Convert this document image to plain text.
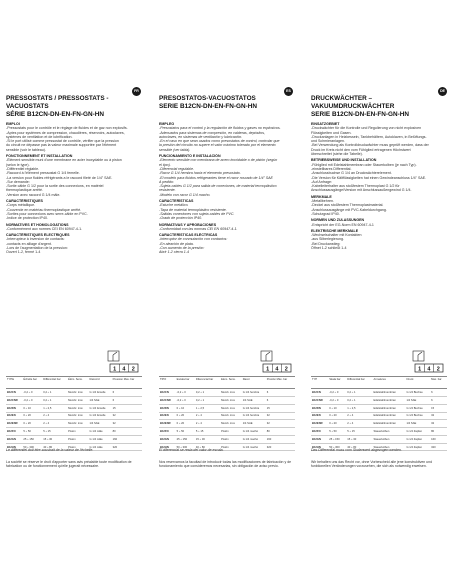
FR
PRESSOSTATS / PRESSOSTATS - VACUOSTATS
SÉRIE B12CN-DN-EN-FN-GN-HN
EMPLOI
-Pressostats pour le contrôle et le réglage de fluides et de gaz non explosifs.
-Aptes pour systèmes de compression, chaudières, réservoirs, autoclaves,
systèmes de ventilation et de lubrification.
-Si le port utilisé comme pressostat de contrôle, vérifier que la pression
du circuit ne dépasse pas la valeur maximale supportée par l'élément
sensible (voir le tableau).
FONCTIONNEMENT ET INSTALLATION
-Élément sensible muni d'une membrane en acier inoxydable ou à piston
(selon le type).
-Différentiel réglable.
-Raccord à l'élément pressostat G 1/4 femelle.
-La version pour fluides réfrigérants a le raccord fileté de 1/4" SAE.
-Sur demande:
-Sortie câble G 1/2 pour la sortie des connexions, en matériel
thermoplastique arrêté.
-Version avec raccord G 1/4 mâle.
CARACTÉRISTIQUES
-Corps métallique.
-Couvercle en matériau thermoplastique arrêté.
-Sorties pour connexions avec serre-câble en PVC.
-Indice de protection IP40.
NORMATIVES ET HOMOLOGATIONS
-Conformément aux normes CEI EN 60947-4-1.
CARACTÉRISTIQUES ÉLECTRIQUES
-Interrupteur à inversion de contacts:
-contacts en alliage d'argent.
-Lors de l'augmentation de la pression:
Ouvert 1-2, fermé 1-4
1 4 2
TYPE	Échelle bar	Différentiel bar	Élém. Sens.	Raccord	Pression Max. bar
B12CN	-0,2 ÷ 0	0,2 ÷ 1	Membr. inox	G 1/4 femelle	6
B12CNR	-0,2 ÷ 0	0,2 ÷ 1	Membr. inox	1/4 SAE	6
B12DN	0 ÷ 10	1 ÷ 2,5	Membr. inox	G 1/4 femelle	15
B12EN	0 ÷ 20	2 ÷ 4	Membr. inox	G 1/4 femelle	32
B12ENR	0 ÷ 20	2 ÷ 4	Membr. inox	1/4 SAE	32
B12FN	5 ÷ 50	5 ÷ 15	Piston	G 1/4 mâle	80
B12GN	25 ÷ 150	15 ÷ 30	Piston	G 1/4 mâle	160
B12HN	50 ÷ 300	40 ÷ 80	Piston	G 1/4 mâle	320
Le différentiel doit être soustrait de la valeur de l'échelle.
La société se réserve le droit d'apporter sans avis préalable toute modification de fabrication ou de fonctionnement qu'elle jugerait nécessaire.
ES
PRESOSTATOS-VACUOSTATOS
SERIE B12CN-DN-EN-FN-GN-HN
EMPLEO
-Presostatos para el control y la regulación de fluidos y gases no explosivos.
-Adecuados para sistemas de compresión, en calderas, depósitos,
autoclaves, en sistemas de ventilación y lubricación.
-En el caso en que sean usados como presostatos de control, controlar que
la presión del circuito no supere el valor máximo tolerado por el elemento
sensible (ver tabla).
FUNCIONAMIENTO E INSTALACIÓN
-Elemento sensible con membrana de acero inoxidable o de pistón (según
el tipo).
-Diferencial regulable.
-Racor G 1/4 hembra hacia el elemento presostato.
-El modelo para fluidos refrigerantes tiene el racor roscado de 1/4" SAE
A pedido:
-Sujeta-cables G 1/2 para salida de conexiones, de material termoplástico
resistente.
-Modelo con racor G 1/4 macho.
CARACTERÍSTICAS
-Estuche metálico.
-Tapa de material termoplástico resistente.
-Salidas conexiones con sujeta-cables de PVC.
-Grado de protección IP40.
NORMATIVAS Y APROBACIONES
-Conformidad con las normas CEI EN 60947-4-1.
CARACTERÍSTICAS ELÉCTRICAS
-Interruptor de conmutación con contactos:
-En aleación de plata.
-Con aumento de la presión:
Abrir 1-2 cierra 1-4
1 4 2
TIPO	Escala bar	Diferencial bar	Elem. Sens.	Racor	Presión Máx. bar
B12CN	-0,2 ÷ 0	0,2 ÷ 1	Memb. inox	G 1/4 hembra	6
B12CNR	-0,2 ÷ 0	0,2 ÷ 1	Memb. inox	1/4 SAE	6
B12DN	0 ÷ 10	1 ÷ 2,5	Memb. inox	G 1/4 hembra	15
B12EN	0 ÷ 20	2 ÷ 4	Memb. inox	G 1/4 hembra	32
B12ENR	0 ÷ 20	2 ÷ 4	Memb. inox	1/4 SAE	32
B12FN	5 ÷ 50	5 ÷ 15	Pistón	G 1/4 macho	80
B12GN	25 ÷ 150	15 ÷ 30	Pistón	G 1/4 macho	160
B12HN	50 ÷ 300	40 ÷ 80	Pistón	G 1/4 macho	320
El diferencial se resta del valor de escala.
Nos reservamos la facultad de introducir todas las modificaciones de fabricación y de funcionamiento que consideremos necesarias, sin obligación de aviso previo.
DE
DRUCKWÄCHTER – VAKUUMDRUCKWÄCHTER
SERIE B12CN-DN-EN-FN-GN-HN
EINSATZGEBIET
-Druckwächter für die Kontrolle und Regulierung von nicht explosiven
Flüssigkeiten und Gasen.
-Druckanlagen in Heizkesseln, Tankbehältern, Autoklaven, in Belüftungs-
und Schmieranlagen.
-Bei Verwendung als Kontrolldruckwächter muss geprüft werden, dass der
Druck im Kreis nicht den vom Fühlglied ertragenen Höchstwert
überschreitet (siehe die Tabelle).
BETRIEBSWEISE UND INSTALLATION
-Fühlglied mit Edelstahlmembran oder Stauerkolben (je nach Typ).
-einstellbares Differential.
-Anschlussbuchse G 1/4 an Druckwächterelement.
-Die Version für Kältflüssigkeiten hat einen Gewindeanschluss 1/4" SAE.
-Auf Anfrage:
-Kabelleiterhalter aus stoßfestem Thermoplast G 1/2 für
Anschlussausgänge/Version mit Anschlussaußengewind G 1/4.
MERKMALE
-Metallbehren.
-Deckel aus stoßfestem Thermoplastmaterial.
-Anschlussausgänge mit PVC-Kabeldurchgang.
-Schutzgrad IP40.
NORMEN UND ZULASSUNGEN
-Entspricht der EG-Norm EN 60947-4-1
ELEKTRISCHE MERKMALE
-Wechselschalter mit Kontakten
-aus Silberlegierung.
-Bei Druckanstieg:
Öffnet 1-2 schließt 1-4
1 4 2
TYP	Skala bar	Differential bar	Armatures	Druck	Max. bar
B12CN	-0,2 ÷ 0	0,2 ÷ 1	Edelstahlmembran	G 1/4 Buchse	6
B12CNR	-0,2 ÷ 0	0,2 ÷ 1	Edelstahlmembran	1/4 SAE	6
B12DN	0 ÷ 10	1 ÷ 2,5	Edelstahlmembran	G 1/4 Buchse	15
B12EN	0 ÷ 20	2 ÷ 4	Edelstahlmembran	G 1/4 Buchse	32
B12ENR	0 ÷ 20	2 ÷ 4	Edelstahlmembran	1/4 SAE	32
B12FN	5 ÷ 50	5 ÷ 15	Stauerkolben	G 1/4 Zapfen	80
B12GN	25 ÷ 150	15 ÷ 30	Stauerkolben	G 1/4 Zapfen	160
B12HN	50 ÷ 300	40 ÷ 80	Stauerkolben	G 1/4 Zapfen	320
Das Differential muss vom Skalenwert abgezogen werden.
Wir behalten uns das Recht vor, ohne Vorbescheid alle jene konstruktiven und funktionellen Veränderungen vorzusehen, die sich als notwendig erweisen.
